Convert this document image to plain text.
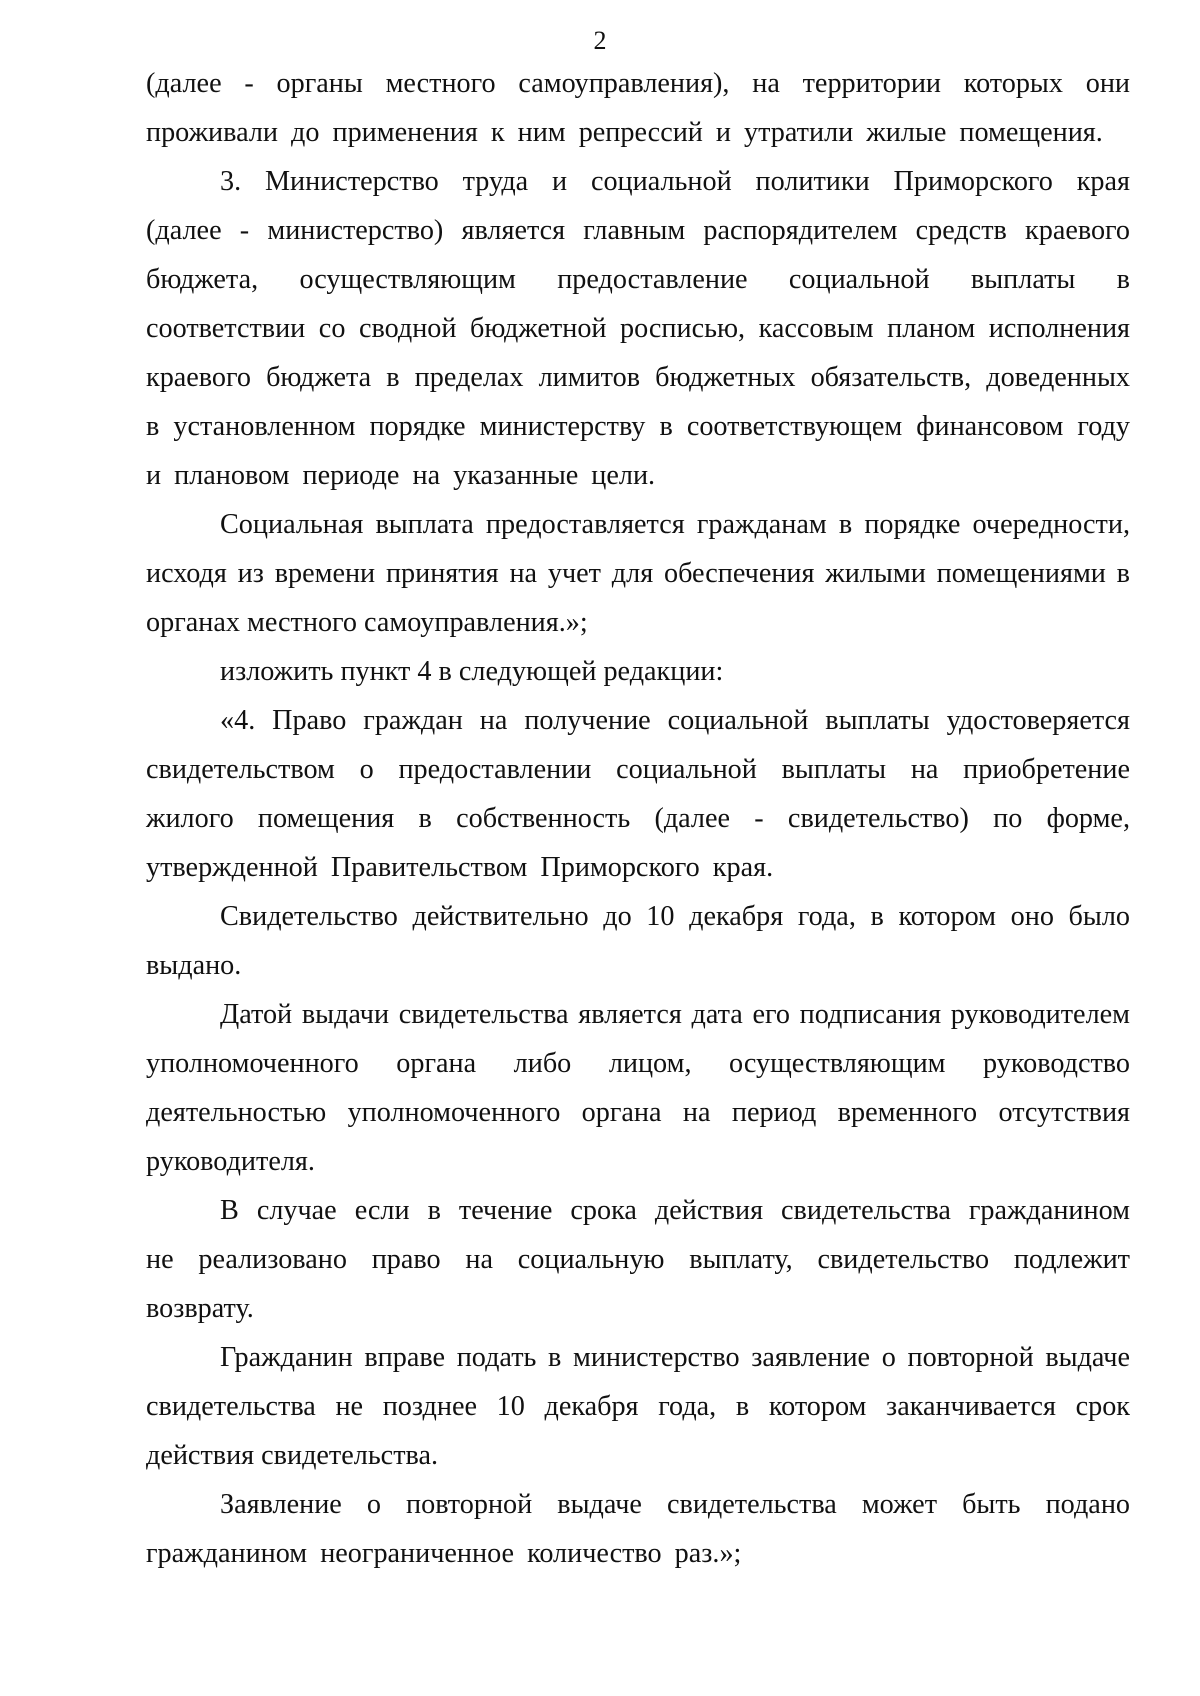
2

(далее - органы местного самоуправления), на территории которых они проживали до применения к ним репрессий и утратили жилые помещения.

3. Министерство труда и социальной политики Приморского края (далее - министерство) является главным распорядителем средств краевого бюджета, осуществляющим предоставление социальной выплаты в соответствии со сводной бюджетной росписью, кассовым планом исполнения краевого бюджета в пределах лимитов бюджетных обязательств, доведенных в установленном порядке министерству в соответствующем финансовом году и плановом периоде на указанные цели.

Социальная выплата предоставляется гражданам в порядке очередности, исходя из времени принятия на учет для обеспечения жилыми помещениями в органах местного самоуправления.»;

изложить пункт 4 в следующей редакции:

«4. Право граждан на получение социальной выплаты удостоверяется свидетельством о предоставлении социальной выплаты на приобретение жилого помещения в собственность (далее - свидетельство) по форме, утвержденной Правительством Приморского края.

Свидетельство действительно до 10 декабря года, в котором оно было выдано.

Датой выдачи свидетельства является дата его подписания руководителем уполномоченного органа либо лицом, осуществляющим руководство деятельностью уполномоченного органа на период временного отсутствия руководителя.

В случае если в течение срока действия свидетельства гражданином не реализовано право на социальную выплату, свидетельство подлежит возврату.

Гражданин вправе подать в министерство заявление о повторной выдаче свидетельства не позднее 10 декабря года, в котором заканчивается срок действия свидетельства.

Заявление о повторной выдаче свидетельства может быть подано гражданином неограниченное количество раз.»;
